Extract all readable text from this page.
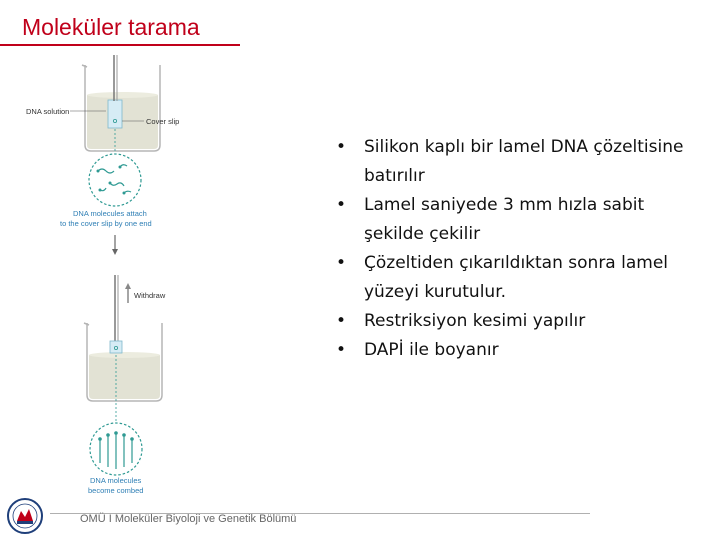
Moleküler tarama
DNA solution
Cover slip
DNA molecules attach
to the cover slip by one end
Withdraw
DNA molecules
become combed
• Silikon kaplı bir lamel DNA çözeltisine batırılır
• Lamel saniyede 3 mm hızla sabit şekilde çekilir
• Çözeltiden çıkarıldıktan sonra lamel yüzeyi kurutulur.
• Restriksiyon kesimi yapılır
• DAPİ ile boyanır
OMÜ I Moleküler Biyoloji ve Genetik Bölümü
